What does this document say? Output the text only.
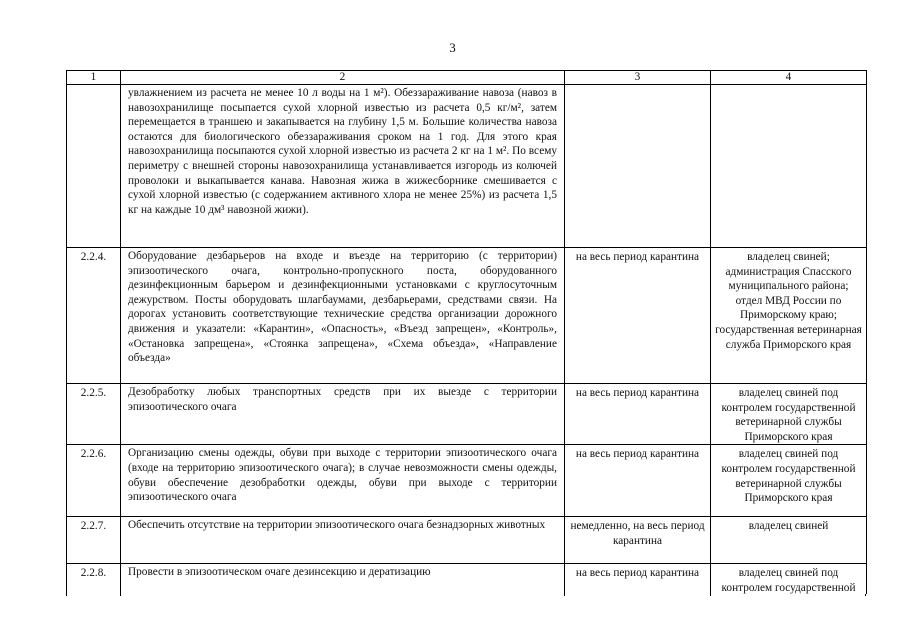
3
1	2	3	4
	увлажнением из расчета не менее 10 л воды на 1 м²). Обеззараживание навоза (навоз в навозохранилище посыпается сухой хлорной известью из расчета 0,5 кг/м², затем перемещается в траншею и закапывается на глубину 1,5 м. Большие количества навоза остаются для биологического обеззараживания сроком на 1 год. Для этого края навозохранилища посыпаются сухой хлорной известью из расчета 2 кг на 1 м². По всему периметру с внешней стороны навозохранилища устанавливается изгородь из колючей проволоки и выкапывается канава. Навозная жижа в жижесборнике смешивается с сухой хлорной известью (с содержанием активного хлора не менее 25%) из расчета 1,5 кг на каждые 10 дм³ навозной жижи).		
2.2.4.	Оборудование дезбарьеров на входе и въезде на территорию (с территории) эпизоотического очага, контрольно-пропускного поста, оборудованного дезинфекционным барьером и дезинфекционными установками с круглосуточным дежурством. Посты оборудовать шлагбаумами, дезбарьерами, средствами связи. На дорогах установить соответствующие технические средства организации дорожного движения и указатели: «Карантин», «Опасность», «Въезд запрещен», «Контроль», «Остановка запрещена», «Стоянка запрещена», «Схема объезда», «Направление объезда»	на весь период карантина	владелец свиней; администрация Спасского муниципального района; отдел МВД России по Приморскому краю; государственная ветеринарная служба Приморского края
2.2.5.	Дезобработку любых транспортных средств при их выезде с территории эпизоотического очага	на весь период карантина	владелец свиней под контролем государственной ветеринарной службы Приморского края
2.2.6.	Организацию смены одежды, обуви при выходе с территории эпизоотического очага (входе на территорию эпизоотического очага); в случае невозможности смены одежды, обуви обеспечение дезобработки одежды, обуви при выходе с территории эпизоотического очага	на весь период карантина	владелец свиней под контролем государственной ветеринарной службы Приморского края
2.2.7.	Обеспечить отсутствие на территории эпизоотического очага безнадзорных животных	немедленно, на весь период карантина	владелец свиней
2.2.8.	Провести в эпизоотическом очаге дезинсекцию и дератизацию	на весь период карантина	владелец свиней под контролем государственной
